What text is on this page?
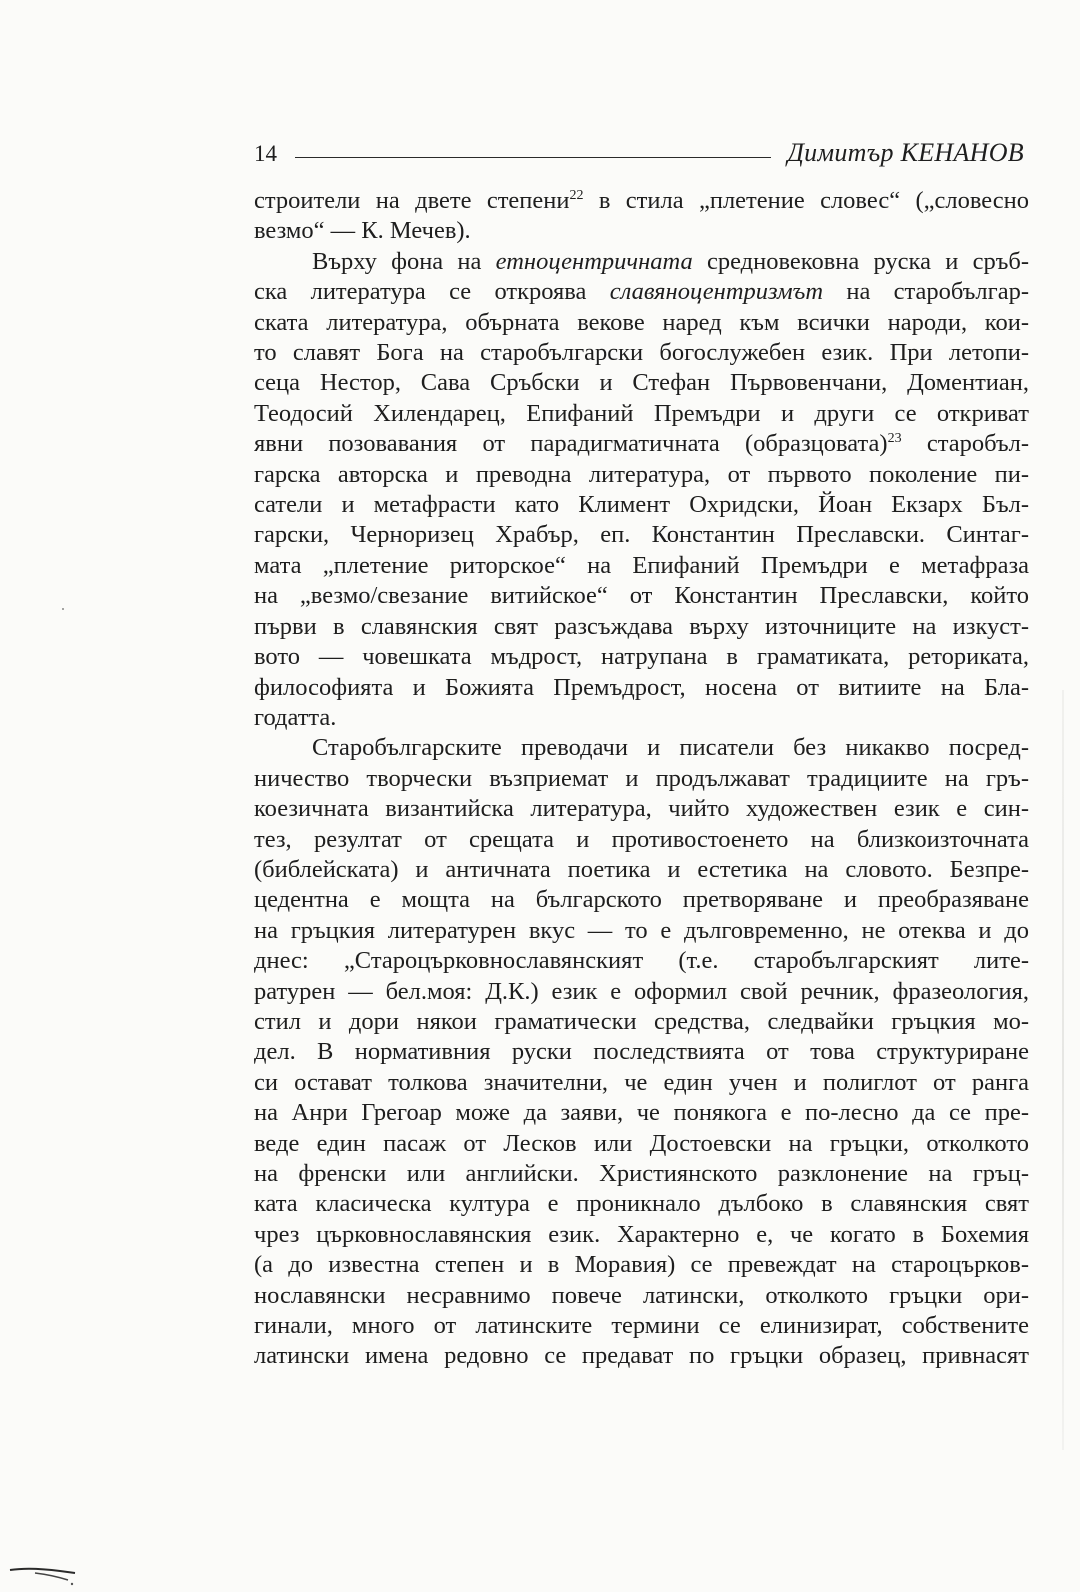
14	Димитър КЕНАНОВ
строители на двете степени$^{22}$ в стила „плетение словес“ („словесно
везмо“ — К. Мечев).
Върху фона на етноцентричната средновековна руска и сръб-
ска литература се откроява славяноцентризмът на старобългар-
ската литература, обърната векове наред към всички народи, кои-
то славят Бога на старобългарски богослужебен език. При летопи-
сеца Нестор, Сава Сръбски и Стефан Първовенчани, Доментиан,
Теодосий Хилендарец, Епифаний Премъдри и други се откриват
явни позовавания от парадигматичната (образцовата)$^{23}$ старобъл-
гарска авторска и преводна литература, от първото поколение пи-
сатели и метафрасти като Климент Охридски, Йоан Екзарх Бъл-
гарски, Черноризец Храбър, еп. Константин Преславски. Синтаг-
мата „плетение риторское“ на Епифаний Премъдри е метафраза
на „везмо/свезание витийское“ от Константин Преславски, който
първи в славянския свят разсъждава върху източниците на изкуст-
вото — човешката мъдрост, натрупана в граматиката, реториката,
философията и Божията Премъдрост, носена от витиите на Бла-
годатта.
Старобългарските преводачи и писатели без никакво посред-
ничество творчески възприемат и продължават традициите на гръ-
коезичната византийска литература, чийто художествен език е син-
тез, резултат от срещата и противостоенето на близкоизточната
(библейската) и античната поетика и естетика на словото. Безпре-
цедентна е мощта на българското претворяване и преобразяване
на гръцкия литературен вкус — то е дълговременно, не отеква и до
днес: „Староцърковнославянският (т.е. старобългарският лите-
ратурен — бел.моя: Д.К.) език е оформил свой речник, фразеология,
стил и дори някои граматически средства, следвайки гръцкия мо-
дел. В нормативния руски последствията от това структуриране
си остават толкова значителни, че един учен и полиглот от ранга
на Анри Грегоар може да заяви, че понякога е по-лесно да се пре-
веде един пасаж от Лесков или Достоевски на гръцки, отколкото
на френски или английски. Християнското разклонение на гръц-
ката класическа култура е проникнало дълбоко в славянския свят
чрез църковнославянския език. Характерно е, че когато в Бохемия
(а до известна степен и в Моравия) се превеждат на староцърков-
нославянски несравнимо повече латински, отколкото гръцки ори-
гинали, много от латинските термини се елинизират, собствените
латински имена редовно се предават по гръцки образец, привнасят
